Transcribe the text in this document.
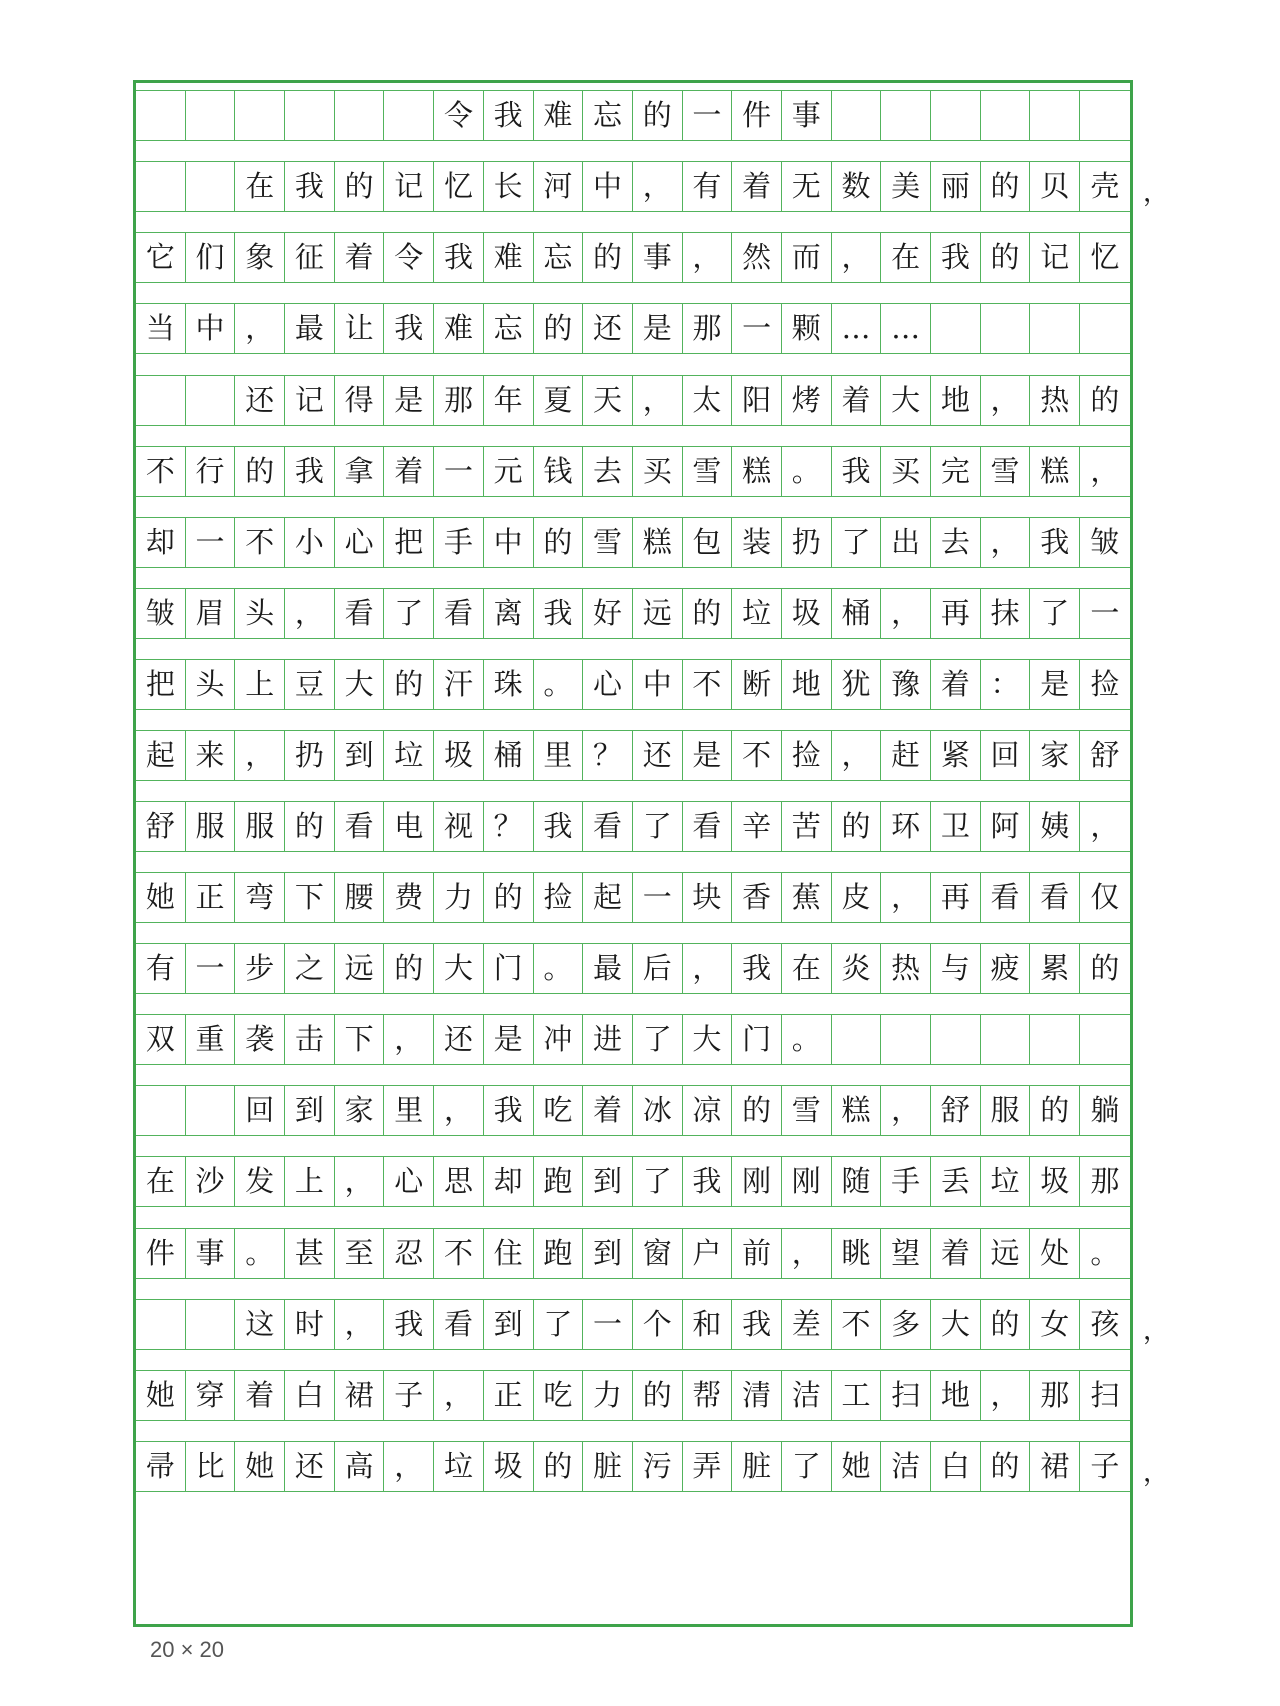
令 我 难 忘 的 一 件 事
在 我 的 记 忆 长 河 中 ， 有 着 无 数 美 丽 的 贝 壳
它 们 象 征 着 令 我 难 忘 的 事 ， 然 而 ， 在 我 的 记 忆
当 中 ， 最 让 我 难 忘 的 还 是 那 一 颗 … …
还 记 得 是 那 年 夏 天 ， 太 阳 烤 着 大 地 ， 热 的
不 行 的 我 拿 着 一 元 钱 去 买 雪 糕 。 我 买 完 雪 糕 ，
却 一 不 小 心 把 手 中 的 雪 糕 包 装 扔 了 出 去 ， 我 皱
皱 眉 头 ， 看 了 看 离 我 好 远 的 垃 圾 桶 ， 再 抹 了 一
把 头 上 豆 大 的 汗 珠 。 心 中 不 断 地 犹 豫 着 ： 是 捡
起 来 ， 扔 到 垃 圾 桶 里 ？ 还 是 不 捡 ， 赶 紧 回 家 舒
舒 服 服 的 看 电 视 ？ 我 看 了 看 辛 苦 的 环 卫 阿 姨 ，
她 正 弯 下 腰 费 力 的 捡 起 一 块 香 蕉 皮 ， 再 看 看 仅
有 一 步 之 远 的 大 门 。 最 后 ， 我 在 炎 热 与 疲 累 的
双 重 袭 击 下 ， 还 是 冲 进 了 大 门 。
回 到 家 里 ， 我 吃 着 冰 凉 的 雪 糕 ， 舒 服 的 躺
在 沙 发 上 ， 心 思 却 跑 到 了 我 刚 刚 随 手 丢 垃 圾 那
件 事 。 甚 至 忍 不 住 跑 到 窗 户 前 ， 眺 望 着 远 处 。
这 时 ， 我 看 到 了 一 个 和 我 差 不 多 大 的 女 孩
她 穿 着 白 裙 子 ， 正 吃 力 的 帮 清 洁 工 扫 地 ， 那 扫
帚 比 她 还 高 ， 垃 圾 的 脏 污 弄 脏 了 她 洁 白 的 裙 子
，
，
，
20 × 20
